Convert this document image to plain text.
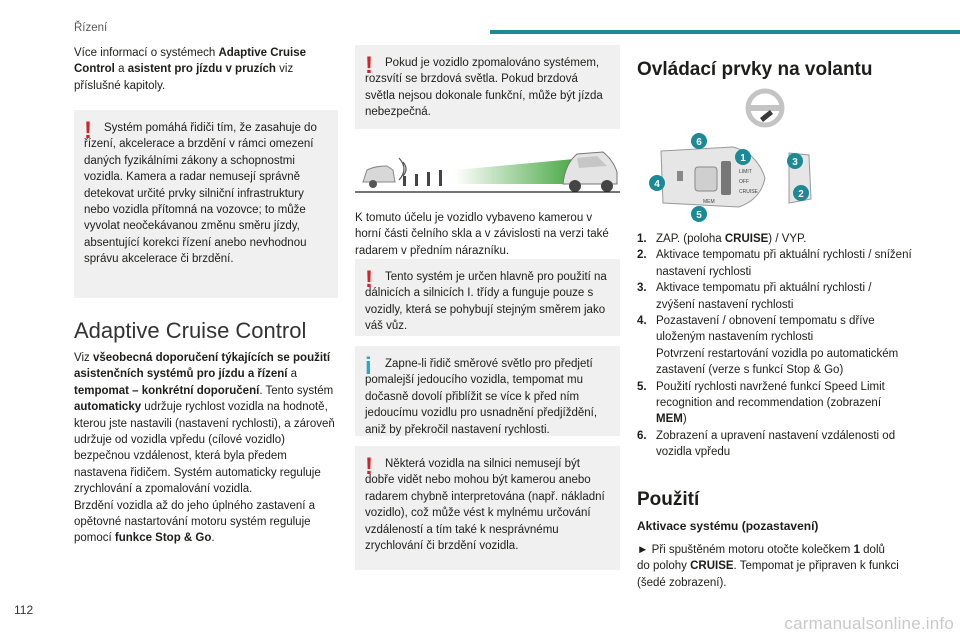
Řízení

Více informací o systémech Adaptive Cruise Control a asistent pro jízdu v pruzích viz příslušné kapitoly.

!	Systém pomáhá řidiči tím, že zasahuje do řízení, akcelerace a brzdění v rámci omezení daných fyzikálními zákony a schopnostmi vozidla. Kamera a radar nemusejí správně detekovat určité prvky silniční infrastruktury nebo vozidla přítomná na vozovce; to může vyvolat neočekávanou změnu směru jízdy, absentující korekci řízení anebo nevhodnou správu akcelerace či brzdění.

Adaptive Cruise Control

Viz všeobecná doporučení týkajících se použití asistenčních systémů pro jízdu a řízení a tempomat – konkrétní doporučení. Tento systém automaticky udržuje rychlost vozidla na hodnotě, kterou jste nastavili (nastavení rychlosti), a zároveň udržuje od vozidla vpředu (cílové vozidlo) bezpečnou vzdálenost, která byla předem nastavena řidičem. Systém automaticky reguluje zrychlování a zpomalování vozidla.
Brzdění vozidla až do jeho úplného zastavení a opětovné nastartování motoru systém reguluje pomocí funkce Stop & Go.

!	Pokud je vozidlo zpomalováno systémem, rozsvítí se brzdová světla. Pokud brzdová světla nejsou dokonale funkční, může být jízda nebezpečná.

K tomuto účelu je vozidlo vybaveno kamerou v horní části čelního skla a v závislosti na verzi také radarem v předním nárazníku.

!	Tento systém je určen hlavně pro použití na dálnicích a silnicích I. třídy a funguje pouze s vozidly, která se pohybují stejným směrem jako váš vůz.

i	Zapne-li řidič směrové světlo pro předjetí pomalejší jedoucího vozidla, tempomat mu dočasně dovolí přiblížit se více k před ním jedoucímu vozidlu pro usnadnění předjíždění, aniž by překročil nastavení rychlosti.

!	Některá vozidla na silnici nemusejí být dobře vidět nebo mohou být kamerou anebo radarem chybně interpretována (např. nákladní vozidlo), což může vést k mylnému určování vzdáleností a tím také k nesprávnému zrychlování či brzdění vozidla.

Ovládací prvky na volantu
LIMIT
OFF
CRUISE
MEM
1
6
4
5
3
2
1. ZAP. (poloha CRUISE) / VYP.
2. Aktivace tempomatu při aktuální rychlosti / snížení nastavení rychlosti
3. Aktivace tempomatu při aktuální rychlosti / zvýšení nastavení rychlosti
4. Pozastavení / obnovení tempomatu s dříve uloženým nastavením rychlosti
Potvrzení restartování vozidla po automatickém zastavení (verze s funkcí Stop & Go)
5. Použití rychlosti navržené funkcí Speed Limit recognition and recommendation (zobrazení MEM)
6. Zobrazení a upravení nastavení vzdálenosti od vozidla vpředu
Použití
Aktivace systému (pozastavení)

► Při spuštěném motoru otočte kolečkem 1 dolů do polohy CRUISE. Tempomat je připraven k funkci (šedé zobrazení).

112
carmanualsonline.info
